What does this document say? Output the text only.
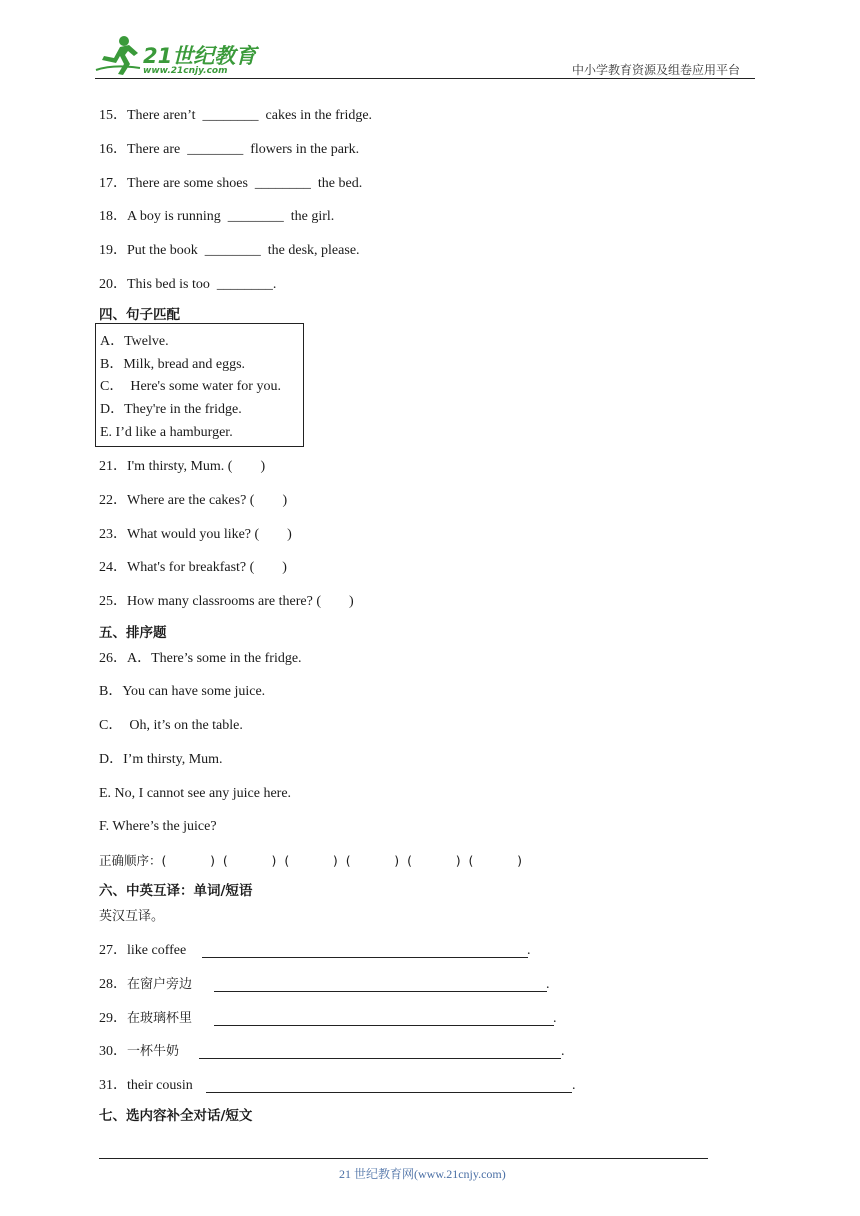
21世纪教育
www.21cnjy.com	中小学教育资源及组卷应用平台
15．There aren’t ________ cakes in the fridge.
16．There are ________ flowers in the park.
17．There are some shoes ________ the bed.
18．A boy is running ________ the girl.
19．Put the book ________ the desk, please.
20．This bed is too ________.
四、句子匹配
A．Twelve.
B．Milk, bread and eggs.
C．  Here's some water for you.
D．They're in the fridge.
E. I’d like a hamburger.
21．I'm thirsty, Mum. (        )
22．Where are the cakes? (        )
23．What would you like? (        )
24．What's for breakfast? (        )
25．How many classrooms are there? (        )
五、排序题
26．A．There’s some in the fridge.
B．You can have some juice.
C．  Oh, it’s on the table.
D．I’m thirsty, Mum.
E. No, I cannot see any juice here.
F. Where’s the juice?
正确顺序：(           )  (           )  (           )  (           )  (           )  (           )
六、中英互译：单词/短语
英汉互译。
27．like coffee	.
28．在窗户旁边	.
29．在玻璃杯里	.
30．一杯牛奶	.
31．their cousin	.
七、选内容补全对话/短文
21 世纪教育网(www.21cnjy.com)
